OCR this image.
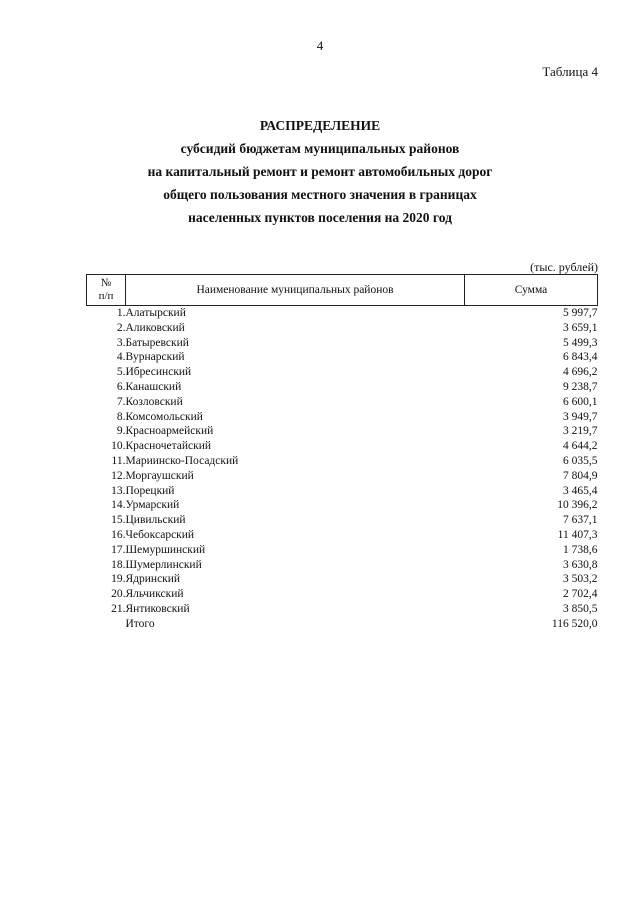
4
Таблица 4
РАСПРЕДЕЛЕНИЕ
субсидий бюджетам муниципальных районов
на капитальный ремонт и ремонт автомобильных дорог
общего пользования местного значения в границах
населенных пунктов поселения на 2020 год
(тыс. рублей)
№
п/п	Наименование муниципальных районов	Сумма
1.	Алатырский	5 997,7
2.	Аликовский	3 659,1
3.	Батыревский	5 499,3
4.	Вурнарский	6 843,4
5.	Ибресинский	4 696,2
6.	Канашский	9 238,7
7.	Козловский	6 600,1
8.	Комсомольский	3 949,7
9.	Красноармейский	3 219,7
10.	Красночетайский	4 644,2
11.	Мариинско-Посадский	6 035,5
12.	Моргаушский	7 804,9
13.	Порецкий	3 465,4
14.	Урмарский	10 396,2
15.	Цивильский	7 637,1
16.	Чебоксарский	11 407,3
17.	Шемуршинский	1 738,6
18.	Шумерлинский	3 630,8
19.	Ядринский	3 503,2
20.	Яльчикский	2 702,4
21.	Янтиковский	3 850,5
	Итого	116 520,0
